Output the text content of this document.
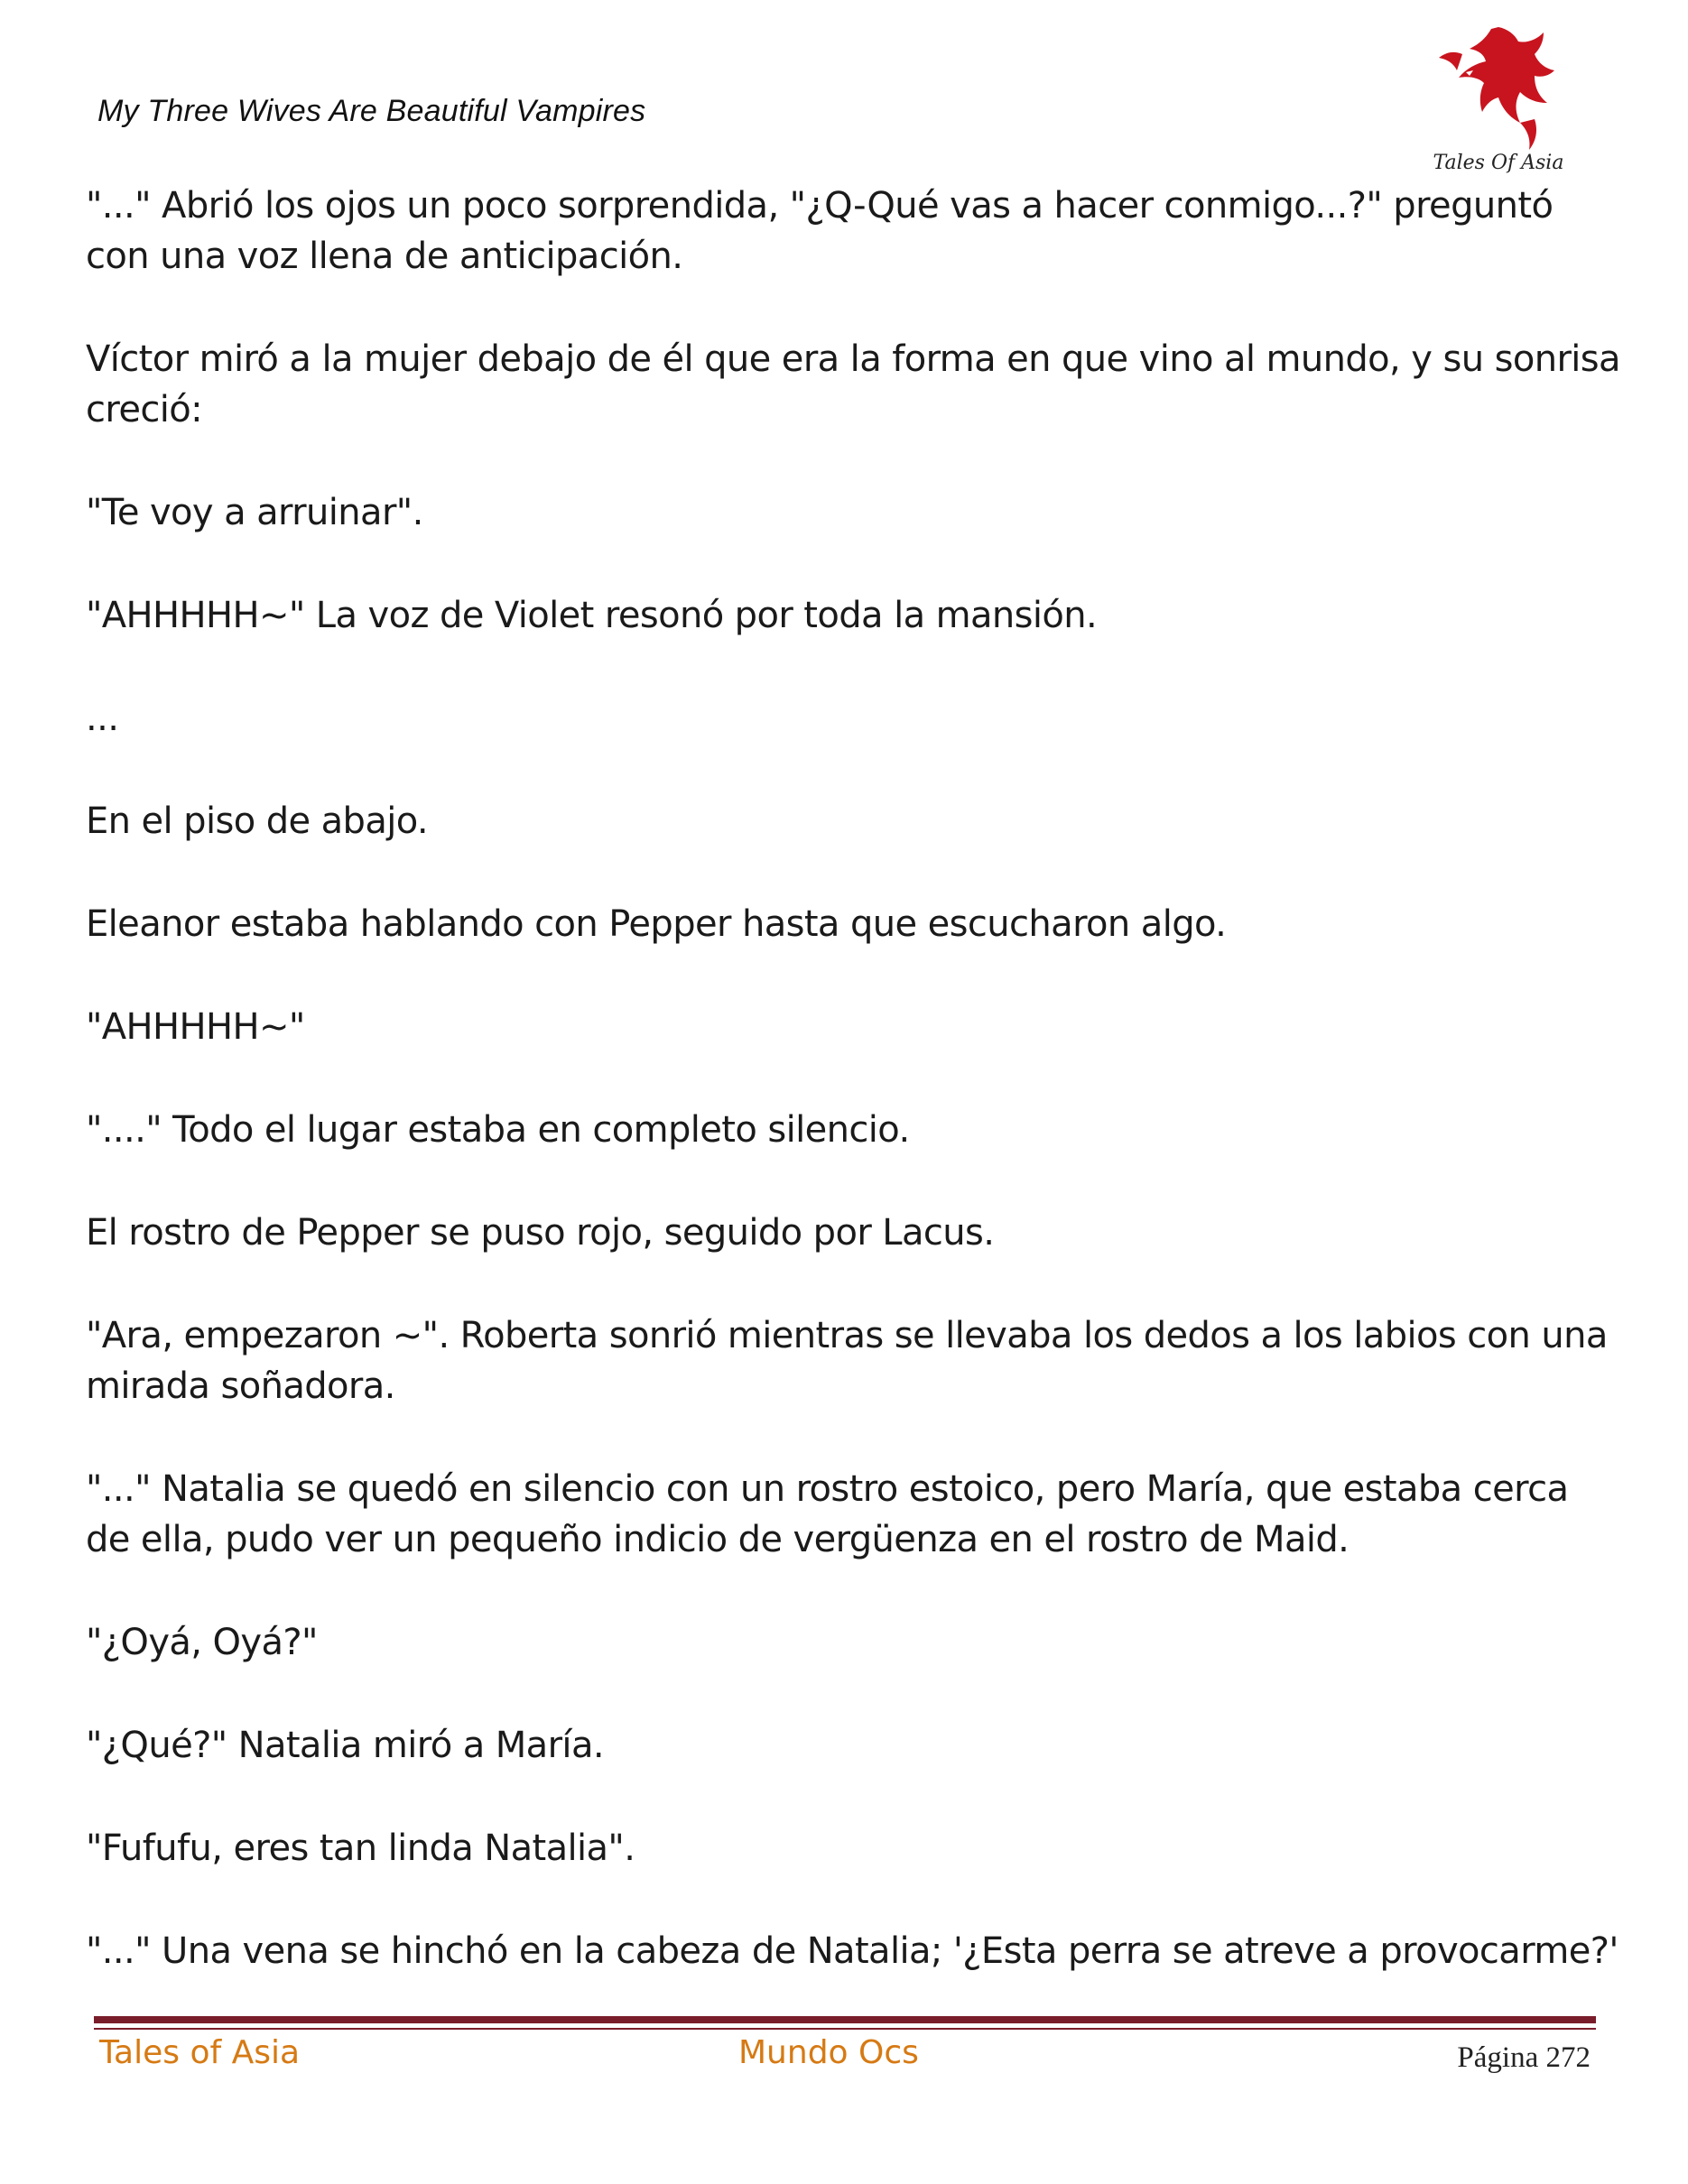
My Three Wives Are Beautiful Vampires
Tales Of Asia

"..." Abrió los ojos un poco sorprendida, "¿Q-Qué vas a hacer conmigo...?" preguntó con una voz llena de anticipación.

Víctor miró a la mujer debajo de él que era la forma en que vino al mundo, y su sonrisa creció:

"Te voy a arruinar".

"AHHHHH~" La voz de Violet resonó por toda la mansión.

...

En el piso de abajo.

Eleanor estaba hablando con Pepper hasta que escucharon algo.

"AHHHHH~"

"...." Todo el lugar estaba en completo silencio.

El rostro de Pepper se puso rojo, seguido por Lacus.

"Ara, empezaron ~". Roberta sonrió mientras se llevaba los dedos a los labios con una mirada soñadora.

"..." Natalia se quedó en silencio con un rostro estoico, pero María, que estaba cerca de ella, pudo ver un pequeño indicio de vergüenza en el rostro de Maid.

"¿Oyá, Oyá?"

"¿Qué?" Natalia miró a María.

"Fufufu, eres tan linda Natalia".

"..." Una vena se hinchó en la cabeza de Natalia; '¿Esta perra se atreve a provocarme?'

Tales of Asia	Mundo Ocs	Página 272
